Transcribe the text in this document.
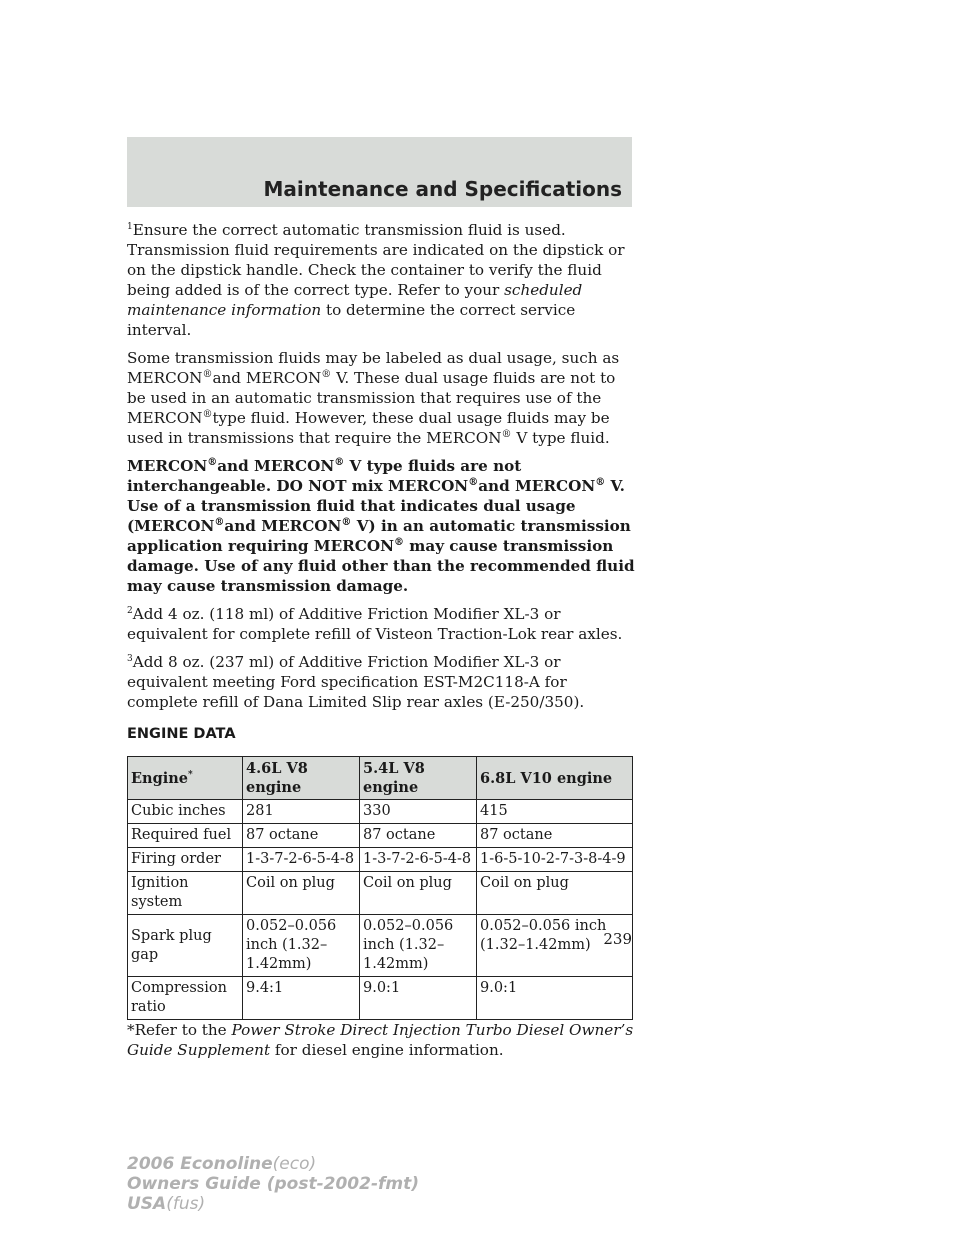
Maintenance and Specifications

$^1$Ensure the correct automatic transmission fluid is used. Transmission fluid requirements are indicated on the dipstick or on the dipstick handle. Check the container to verify the fluid being added is of the correct type. Refer to your scheduled maintenance information to determine the correct service interval.

Some transmission fluids may be labeled as dual usage, such as MERCON®and MERCON® V. These dual usage fluids are not to be used in an automatic transmission that requires use of the MERCON®type fluid. However, these dual usage fluids may be used in transmissions that require the MERCON® V type fluid.

MERCON®and MERCON® V type fluids are not interchangeable. DO NOT mix MERCON®and MERCON® V. Use of a transmission fluid that indicates dual usage (MERCON®and MERCON® V) in an automatic transmission application requiring MERCON® may cause transmission damage. Use of any fluid other than the recommended fluid may cause transmission damage.

$^2$Add 4 oz. (118 ml) of Additive Friction Modifier XL-3 or equivalent for complete refill of Visteon Traction-Lok rear axles.

$^3$Add 8 oz. (237 ml) of Additive Friction Modifier XL-3 or equivalent meeting Ford specification EST-M2C118-A for complete refill of Dana Limited Slip rear axles (E-250/350).

ENGINE DATA
Engine*	4.6L V8 engine	5.4L V8 engine	6.8L V10 engine
Cubic inches	281	330	415
Required fuel	87 octane	87 octane	87 octane
Firing order	1-3-7-2-6-5-4-8	1-3-7-2-6-5-4-8	1-6-5-10-2-7-3-8-4-9
Ignition system	Coil on plug	Coil on plug	Coil on plug
Spark plug gap	0.052–0.056 inch (1.32–1.42mm)	0.052–0.056 inch (1.32–1.42mm)	0.052–0.056 inch (1.32–1.42mm)
Compression ratio	9.4:1	9.0:1	9.0:1

*Refer to the Power Stroke Direct Injection Turbo Diesel Owner’s Guide Supplement for diesel engine information.

239
2006 Econoline(eco)
Owners Guide (post-2002-fmt)
USA(fus)
